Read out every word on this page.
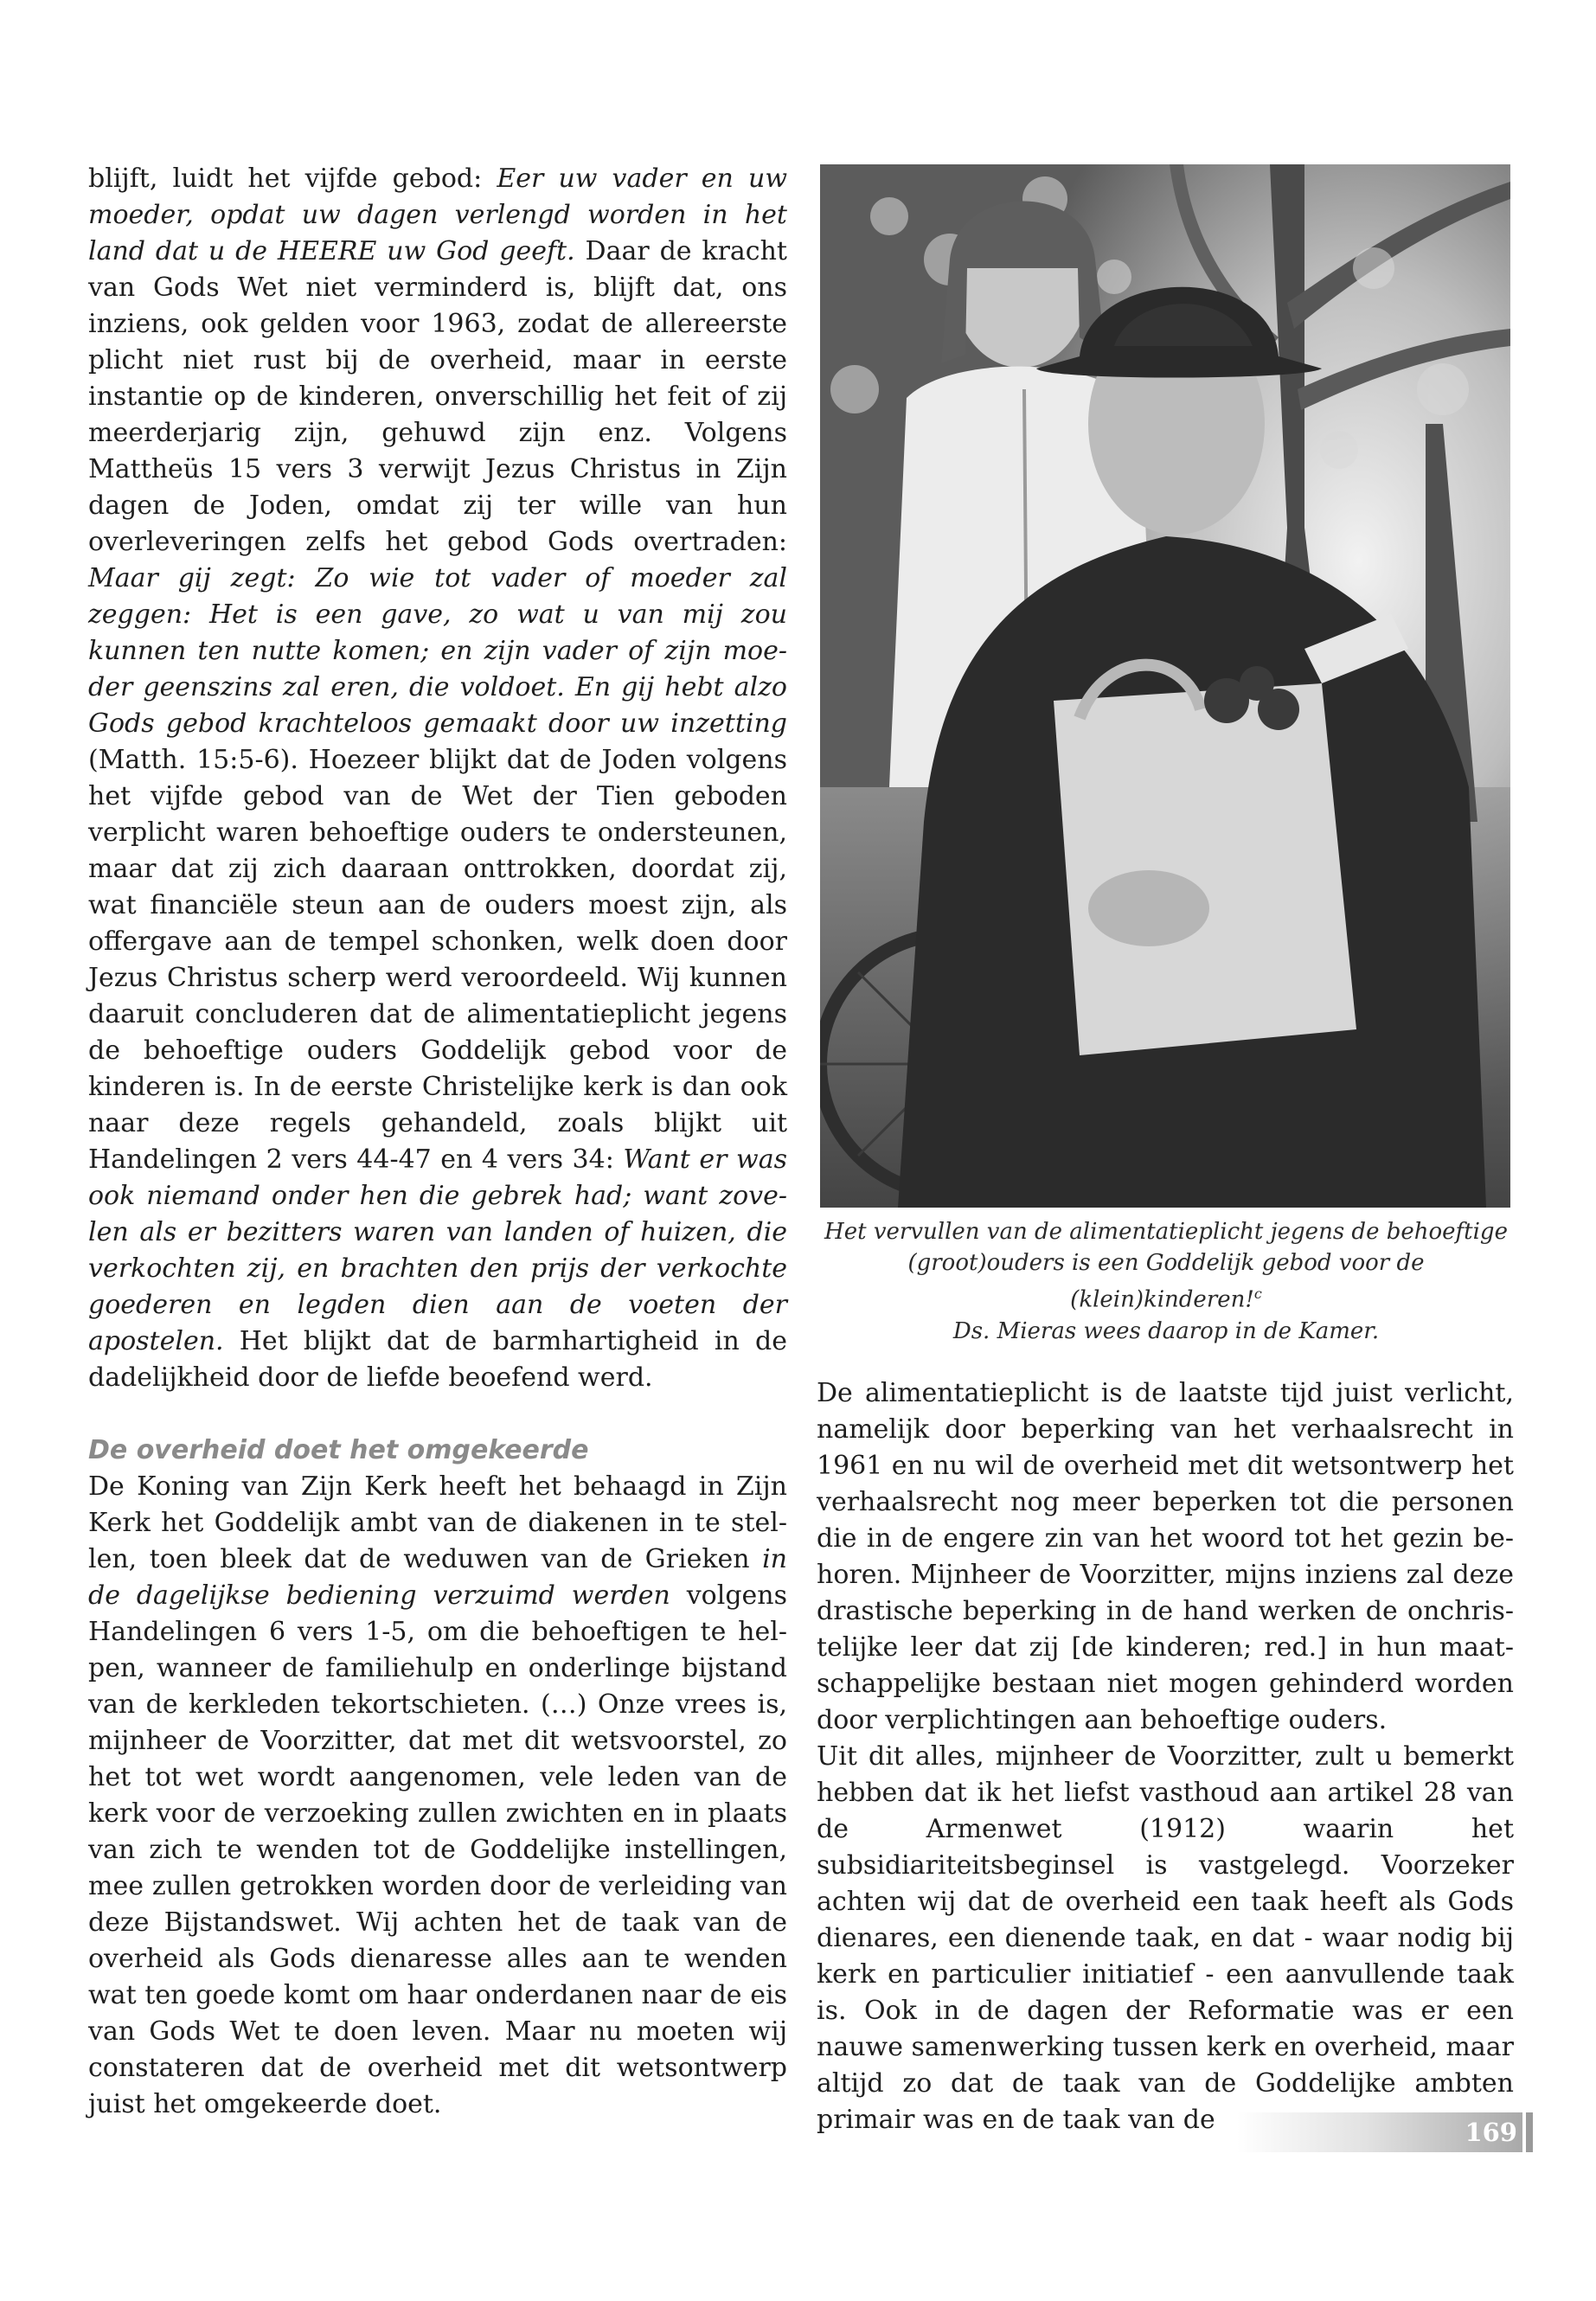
blijft, luidt het vijfde gebod: Eer uw vader en uw moeder, opdat uw dagen verlengd worden in het land dat u de HEERE uw God geeft. Daar de kracht van Gods Wet niet verminderd is, blijft dat, ons inziens, ook gelden voor 1963, zodat de allereerste plicht niet rust bij de overheid, maar in eerste instantie op de kinderen, onverschillig het feit of zij meerderjarig zijn, gehuwd zijn enz. Volgens Mattheüs 15 vers 3 verwijt Jezus Christus in Zijn dagen de Joden, omdat zij ter wille van hun overleveringen zelfs het gebod Gods overtraden: Maar gij zegt: Zo wie tot vader of moeder zal zeggen: Het is een gave, zo wat u van mij zou kunnen ten nutte komen; en zijn vader of zijn moeder geenszins zal eren, die voldoet. En gij hebt alzo Gods gebod krachteloos gemaakt door uw inzetting (Matth. 15:5-6). Hoezeer blijkt dat de Joden volgens het vijfde gebod van de Wet der Tien geboden verplicht waren behoeftige ouders te ondersteunen, maar dat zij zich daaraan onttrokken, doordat zij, wat financiële steun aan de ouders moest zijn, als offergave aan de tempel schonken, welk doen door Jezus Christus scherp werd veroordeeld. Wij kunnen daaruit concluderen dat de alimentatieplicht jegens de behoeftige ouders Goddelijk gebod voor de kinderen is. In de eerste Christelijke kerk is dan ook naar deze regels gehandeld, zoals blijkt uit Handelingen 2 vers 44-47 en 4 vers 34: Want er was ook niemand onder hen die gebrek had; want zovelen als er bezitters waren van landen of huizen, die verkochten zij, en brachten den prijs der verkochte goederen en legden dien aan de voeten der apostelen. Het blijkt dat de barmhartigheid in de dadelijkheid door de liefde beoefend werd.

De overheid doet het omgekeerde

De Koning van Zijn Kerk heeft het behaagd in Zijn Kerk het Goddelijk ambt van de diakenen in te stellen, toen bleek dat de weduwen van de Grieken in de dagelijkse bediening verzuimd werden volgens Handelingen 6 vers 1-5, om die behoeftigen te helpen, wanneer de familiehulp en onderlinge bijstand van de kerkleden tekortschieten. (…) Onze vrees is, mijnheer de Voorzitter, dat met dit wetsvoorstel, zo het tot wet wordt aangenomen, vele leden van de kerk voor de verzoeking zullen zwichten en in plaats van zich te wenden tot de Goddelijke instellingen, mee zullen getrokken worden door de verleiding van deze Bijstandswet. Wij achten het de taak van de overheid als Gods dienaresse alles aan te wenden wat ten goede komt om haar onderdanen naar de eis van Gods Wet te doen leven. Maar nu moeten wij constateren dat de overheid met dit wetsontwerp juist het omgekeerde doet.

Het vervullen van de alimentatieplicht jegens de behoeftige
(groot)ouders is een Goddelijk gebod voor de (klein)kinderen!$^c$
Ds. Mieras wees daarop in de Kamer.

De alimentatieplicht is de laatste tijd juist verlicht, namelijk door beperking van het verhaalsrecht in 1961 en nu wil de overheid met dit wetsontwerp het verhaalsrecht nog meer beperken tot die personen die in de engere zin van het woord tot het gezin behoren. Mijnheer de Voorzitter, mijns inziens zal deze drastische beperking in de hand werken de onchristelijke leer dat zij [de kinderen; red.] in hun maatschappelijke bestaan niet mogen gehinderd worden door verplichtingen aan behoeftige ouders.

Uit dit alles, mijnheer de Voorzitter, zult u bemerkt hebben dat ik het liefst vasthoud aan artikel 28 van de Armenwet (1912) waarin het subsidiariteitsbeginsel is vastgelegd. Voorzeker achten wij dat de overheid een taak heeft als Gods dienares, een dienende taak, en dat - waar nodig bij kerk en particulier initiatief - een aanvullende taak is. Ook in de dagen der Reformatie was er een nauwe samenwerking tussen kerk en overheid, maar altijd zo dat de taak van de Goddelijke ambten primair was en de taak van de	169
